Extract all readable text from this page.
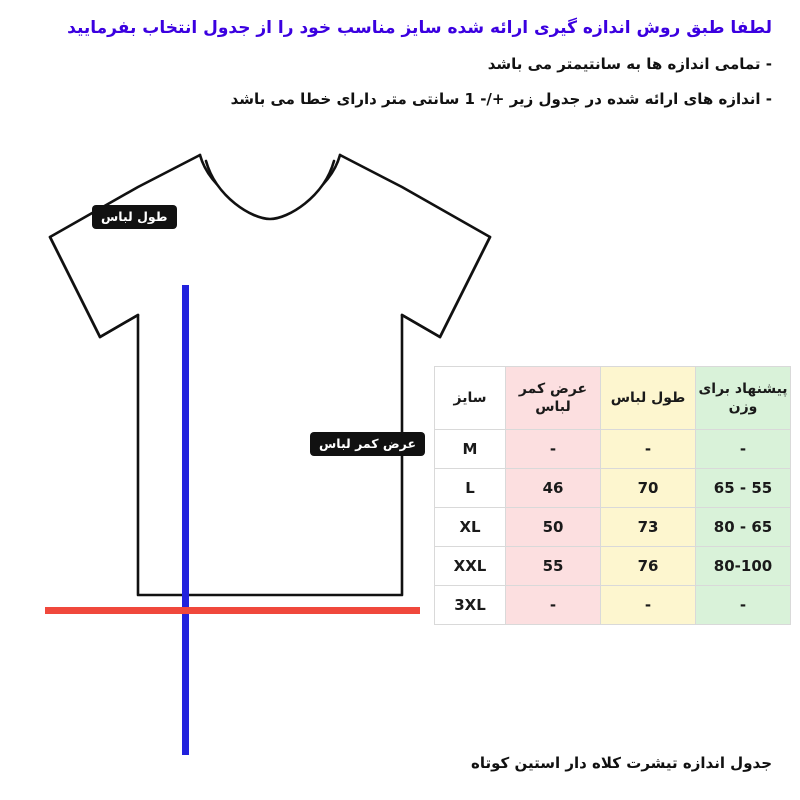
لطفا طبق روش اندازه گیری ارائه شده سایز مناسب خود را از جدول انتخاب بفرمایید
- تمامی اندازه ها به سانتیمتر می باشد
- اندازه های ارائه شده در جدول زیر +/- 1 سانتی متر دارای خطا می باشد
طول لباس
عرض کمر لباس
پیشنهاد برای وزن	طول لباس	عرض کمر لباس	سایز
-	-	-	M
55 - 65	70	46	L
65 - 80	73	50	XL
80-100	76	55	XXL
-	-	-	3XL
جدول اندازه تیشرت کلاه دار استین کوتاه
